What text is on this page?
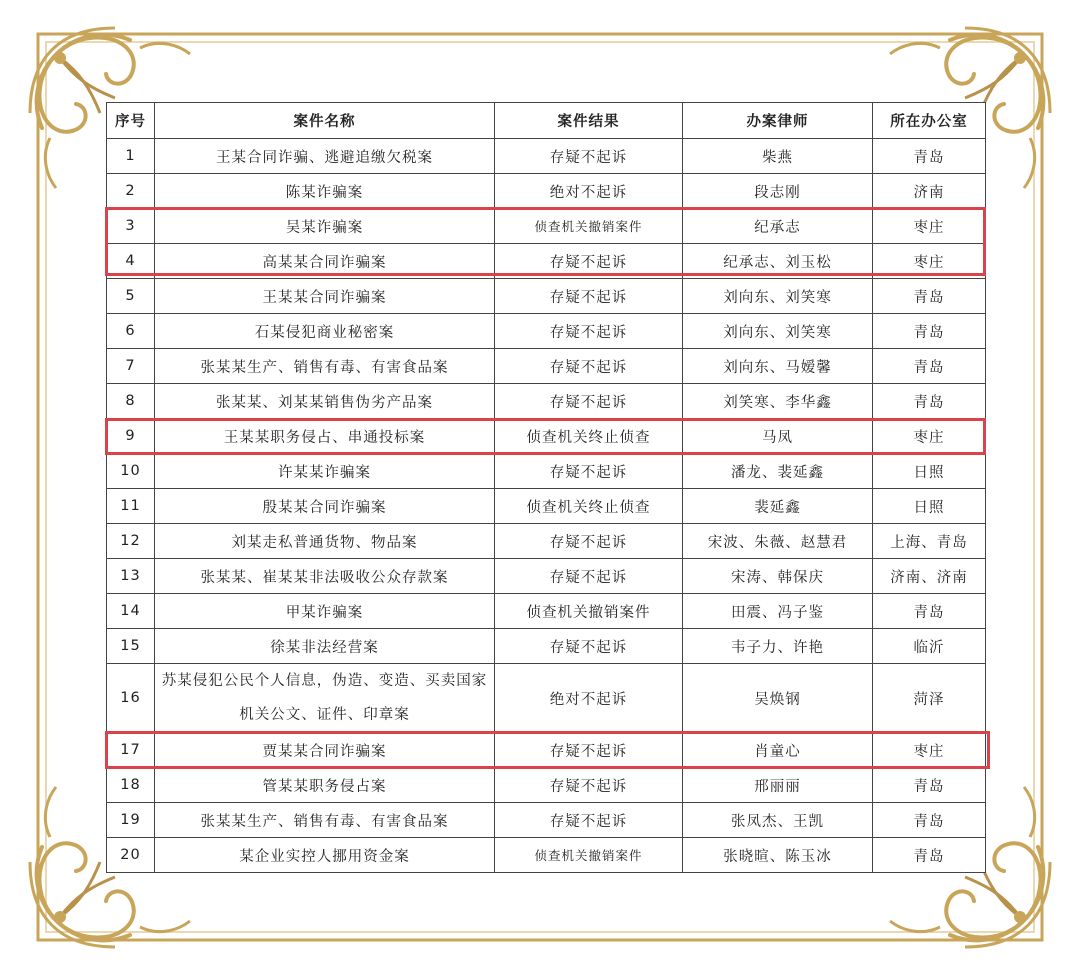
序号	案件名称	案件结果	办案律师	所在办公室
1	王某合同诈骗、逃避追缴欠税案	存疑不起诉	柴燕	青岛
2	陈某诈骗案	绝对不起诉	段志刚	济南
3	吴某诈骗案	侦查机关撤销案件	纪承志	枣庄
4	高某某合同诈骗案	存疑不起诉	纪承志、刘玉松	枣庄
5	王某某合同诈骗案	存疑不起诉	刘向东、刘笑寒	青岛
6	石某侵犯商业秘密案	存疑不起诉	刘向东、刘笑寒	青岛
7	张某某生产、销售有毒、有害食品案	存疑不起诉	刘向东、马嫒馨	青岛
8	张某某、刘某某销售伪劣产品案	存疑不起诉	刘笑寒、李华鑫	青岛
9	王某某职务侵占、串通投标案	侦查机关终止侦查	马凤	枣庄
10	许某某诈骗案	存疑不起诉	潘龙、裴延鑫	日照
11	殷某某合同诈骗案	侦查机关终止侦查	裴延鑫	日照
12	刘某走私普通货物、物品案	存疑不起诉	宋波、朱薇、赵慧君	上海、青岛
13	张某某、崔某某非法吸收公众存款案	存疑不起诉	宋涛、韩保庆	济南、济南
14	甲某诈骗案	侦查机关撤销案件	田震、冯子鉴	青岛
15	徐某非法经营案	存疑不起诉	韦子力、许艳	临沂
16	苏某侵犯公民个人信息，伪造、变造、买卖国家机关公文、证件、印章案	绝对不起诉	吴焕钢	菏泽
17	贾某某合同诈骗案	存疑不起诉	肖童心	枣庄
18	管某某职务侵占案	存疑不起诉	邢丽丽	青岛
19	张某某生产、销售有毒、有害食品案	存疑不起诉	张凤杰、王凯	青岛
20	某企业实控人挪用资金案	侦查机关撤销案件	张晓暄、陈玉冰	青岛
